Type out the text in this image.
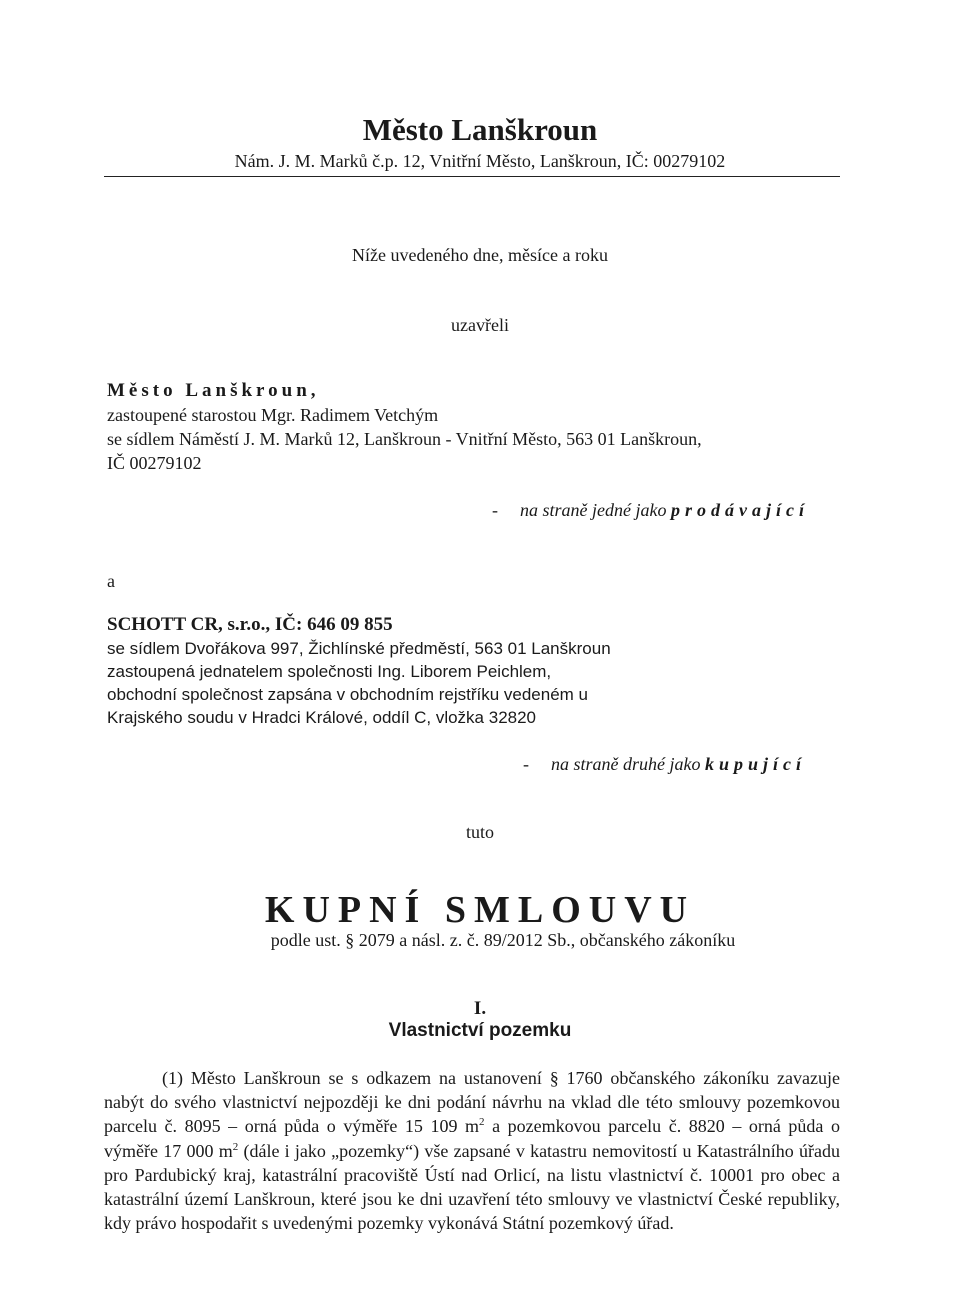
Město Lanškroun
Nám. J. M. Marků č.p. 12, Vnitřní Město, Lanškroun, IČ: 00279102
Níže uvedeného dne, měsíce a roku
uzavřeli
Město Lanškroun,
zastoupené starostou Mgr. Radimem Vetchým
se sídlem Náměstí J. M. Marků 12, Lanškroun - Vnitřní Město, 563 01 Lanškroun,
IČ 00279102
- na straně jedné jako prodávající
a
SCHOTT CR, s.r.o., IČ: 646 09 855
se sídlem Dvořákova 997, Žichlínské předměstí, 563 01 Lanškroun
zastoupená jednatelem společnosti Ing. Liborem Peichlem,
obchodní společnost zapsána v obchodním rejstříku vedeném u
Krajského soudu v Hradci Králové, oddíl C, vložka 32820
- na straně druhé jako kupující
tuto
KUPNÍ SMLOUVU
podle ust. § 2079 a násl. z. č. 89/2012 Sb., občanského zákoníku
I.
Vlastnictví pozemku
(1) Město Lanškroun se s odkazem na ustanovení § 1760 občanského zákoníku zavazuje nabýt do svého vlastnictví nejpozději ke dni podání návrhu na vklad dle této smlouvy pozemkovou parcelu č. 8095 – orná půda o výměře 15 109 $m^2$ a pozemkovou parcelu č. 8820 – orná půda o výměře 17 000 $m^2$ (dále i jako „pozemky“) vše zapsané v katastru nemovitostí u Katastrálního úřadu pro Pardubický kraj, katastrální pracoviště Ústí nad Orlicí, na listu vlastnictví č. 10001 pro obec a katastrální území Lanškroun, které jsou ke dni uzavření této smlouvy ve vlastnictví České republiky, kdy právo hospodařit s uvedenými pozemky vykonává Státní pozemkový úřad.
